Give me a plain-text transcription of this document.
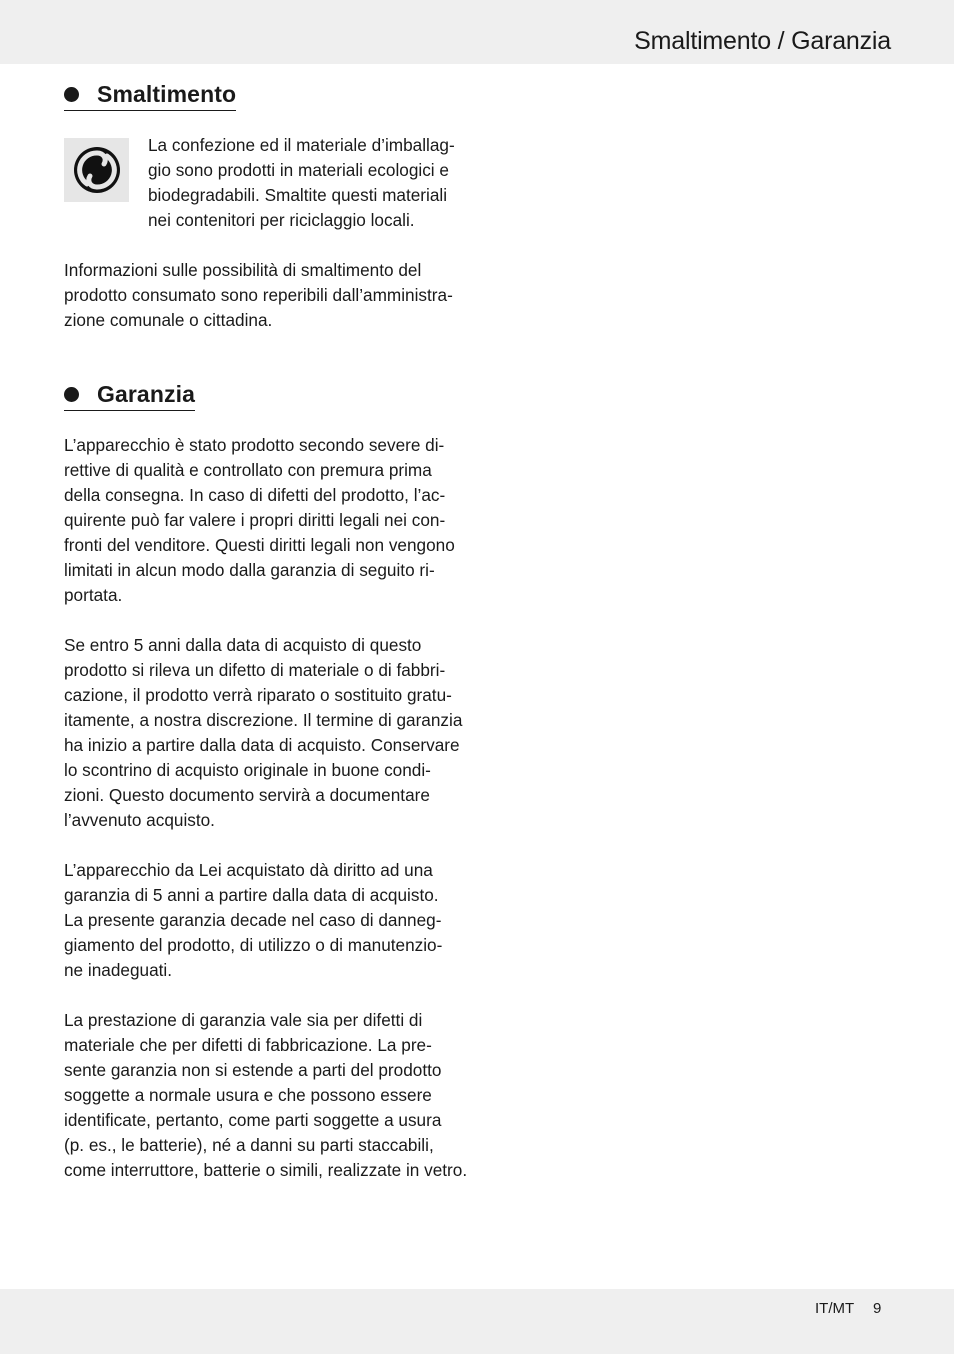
Smaltimento / Garanzia
Smaltimento

La confezione ed il materiale d’imballag-
gio sono prodotti in materiali ecologici e
biodegradabili. Smaltite questi materiali
nei contenitori per riciclaggio locali.

Informazioni sulle possibilità di smaltimento del
prodotto consumato sono reperibili dall’amministra-
zione comunale o cittadina.

Garanzia

L’apparecchio è stato prodotto secondo severe di-
rettive di qualità e controllato con premura prima
della consegna. In caso di difetti del prodotto, l’ac-
quirente può far valere i propri diritti legali nei con-
fronti del venditore. Questi diritti legali non vengono
limitati in alcun modo dalla garanzia di seguito ri-
portata.

Se entro 5 anni dalla data di acquisto di questo
prodotto si rileva un difetto di materiale o di fabbri-
cazione, il prodotto verrà riparato o sostituito gratu-
itamente, a nostra discrezione. Il termine di garanzia
ha inizio a partire dalla data di acquisto. Conservare
lo scontrino di acquisto originale in buone condi-
zioni. Questo documento servirà a documentare
l’avvenuto acquisto.

L’apparecchio da Lei acquistato dà diritto ad una
garanzia di 5 anni a partire dalla data di acquisto.
La presente garanzia decade nel caso di danneg-
giamento del prodotto, di utilizzo o di manutenzio-
ne inadeguati.

La prestazione di garanzia vale sia per difetti di
materiale che per difetti di fabbricazione. La pre-
sente garanzia non si estende a parti del prodotto
soggette a normale usura e che possono essere
identificate, pertanto, come parti soggette a usura
(p. es., le batterie), né a danni su parti staccabili,
come interruttore, batterie o simili, realizzate in vetro.

IT/MT 9
